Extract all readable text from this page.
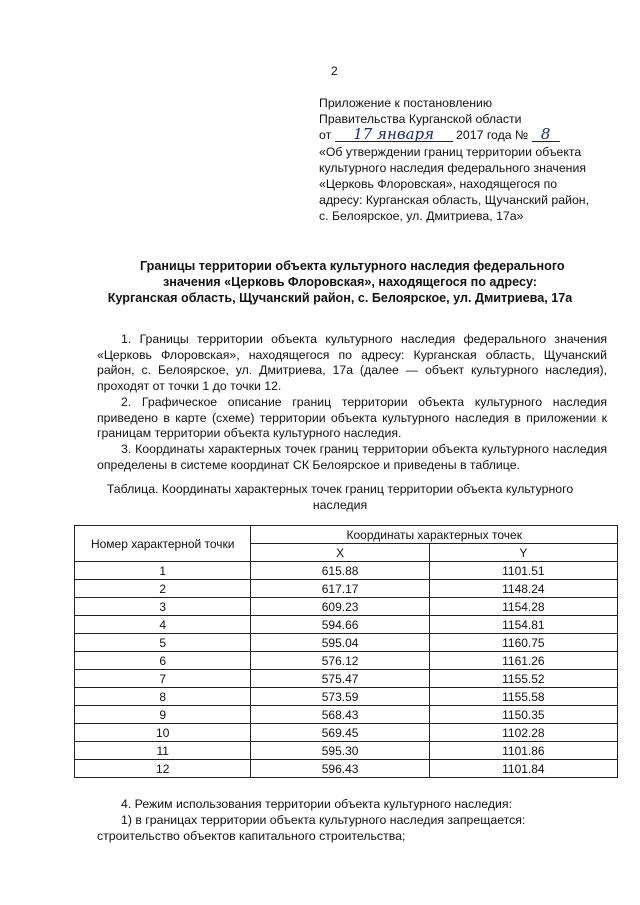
2
Приложение к постановлению
Правительства Курганской области
от 17 января 2017 года № 8
«Об утверждении границ территории объекта
культурного наследия федерального значения
«Церковь Флоровская», находящегося по
адресу: Курганская область, Щучанский район,
с. Белоярское, ул. Дмитриева, 17а»
Границы территории объекта культурного наследия федерального
значения «Церковь Флоровская», находящегося по адресу:
Курганская область, Щучанский район, с. Белоярское, ул. Дмитриева, 17а

1. Границы территории объекта культурного наследия федерального значения «Церковь Флоровская», находящегося по адресу: Курганская область, Щучанский район, с. Белоярское, ул. Дмитриева, 17а (далее — объект культурного наследия), проходят от точки 1 до точки 12.

2. Графическое описание границ территории объекта культурного наследия приведено в карте (схеме) территории объекта культурного наследия в приложении к границам территории объекта культурного наследия.

3. Координаты характерных точек границ территории объекта культурного наследия определены в системе координат СК Белоярское и приведены в таблице.

Таблица. Координаты характерных точек границ территории объекта культурного
наследия
Номер характерной точки	Координаты характерных точек	
	X	Y
1	615.88	1101.51
2	617.17	1148.24
3	609.23	1154.28
4	594.66	1154.81
5	595.04	1160.75
6	576.12	1161.26
7	575.47	1155.52
8	573.59	1155.58
9	568.43	1150.35
10	569.45	1102.28
11	595.30	1101.86
12	596.43	1101.84

4. Режим использования территории объекта культурного наследия:

1) в границах территории объекта культурного наследия запрещается:

строительство объектов капитального строительства;
